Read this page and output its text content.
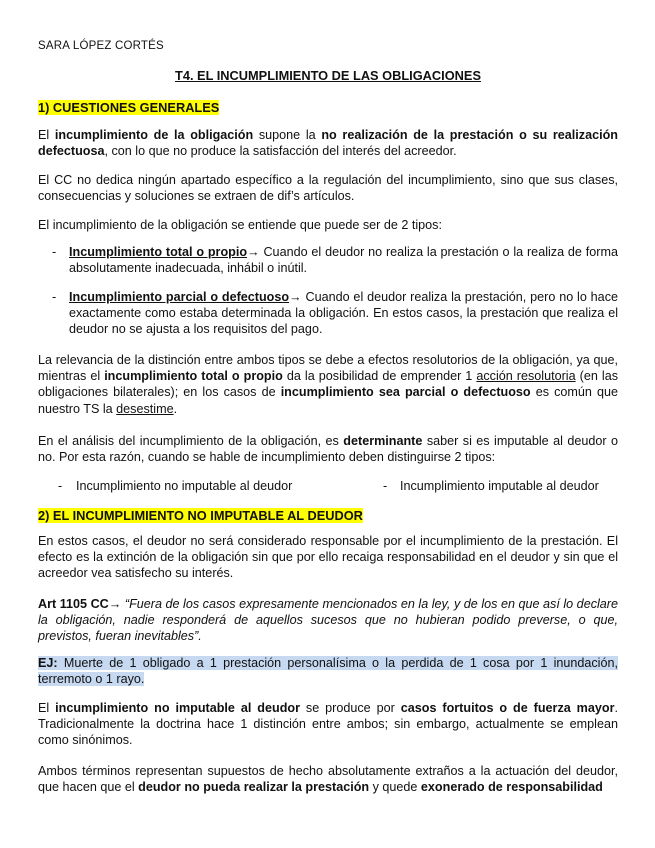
SARA LÓPEZ CORTÉS
T4. EL INCUMPLIMIENTO DE LAS OBLIGACIONES
1) CUESTIONES GENERALES
El incumplimiento de la obligación supone la no realización de la prestación o su realización defectuosa, con lo que no produce la satisfacción del interés del acreedor.
El CC no dedica ningún apartado específico a la regulación del incumplimiento, sino que sus clases, consecuencias y soluciones se extraen de dif’s artículos.
El incumplimiento de la obligación se entiende que puede ser de 2 tipos:
- Incumplimiento total o propio→ Cuando el deudor no realiza la prestación o la realiza de forma absolutamente inadecuada, inhábil o inútil.
- Incumplimiento parcial o defectuoso→ Cuando el deudor realiza la prestación, pero no lo hace exactamente como estaba determinada la obligación. En estos casos, la prestación que realiza el deudor no se ajusta a los requisitos del pago.
La relevancia de la distinción entre ambos tipos se debe a efectos resolutorios de la obligación, ya que, mientras el incumplimiento total o propio da la posibilidad de emprender 1 acción resolutoria (en las obligaciones bilaterales); en los casos de incumplimiento sea parcial o defectuoso es común que nuestro TS la desestime.
En el análisis del incumplimiento de la obligación, es determinante saber si es imputable al deudor o no. Por esta razón, cuando se hable de incumplimiento deben distinguirse 2 tipos:
- Incumplimiento no imputable al deudor	- Incumplimiento imputable al deudor
2) EL INCUMPLIMIENTO NO IMPUTABLE AL DEUDOR
En estos casos, el deudor no será considerado responsable por el incumplimiento de la prestación. El efecto es la extinción de la obligación sin que por ello recaiga responsabilidad en el deudor y sin que el acreedor vea satisfecho su interés.
Art 1105 CC→ “Fuera de los casos expresamente mencionados en la ley, y de los en que así lo declare la obligación, nadie responderá de aquellos sucesos que no hubieran podido preverse, o que, previstos, fueran inevitables”.
EJ: Muerte de 1 obligado a 1 prestación personalísima o la perdida de 1 cosa por 1 inundación, terremoto o 1 rayo.
El incumplimiento no imputable al deudor se produce por casos fortuitos o de fuerza mayor. Tradicionalmente la doctrina hace 1 distinción entre ambos; sin embargo, actualmente se emplean como sinónimos.
Ambos términos representan supuestos de hecho absolutamente extraños a la actuación del deudor, que hacen que el deudor no pueda realizar la prestación y quede exonerado de responsabilidad
